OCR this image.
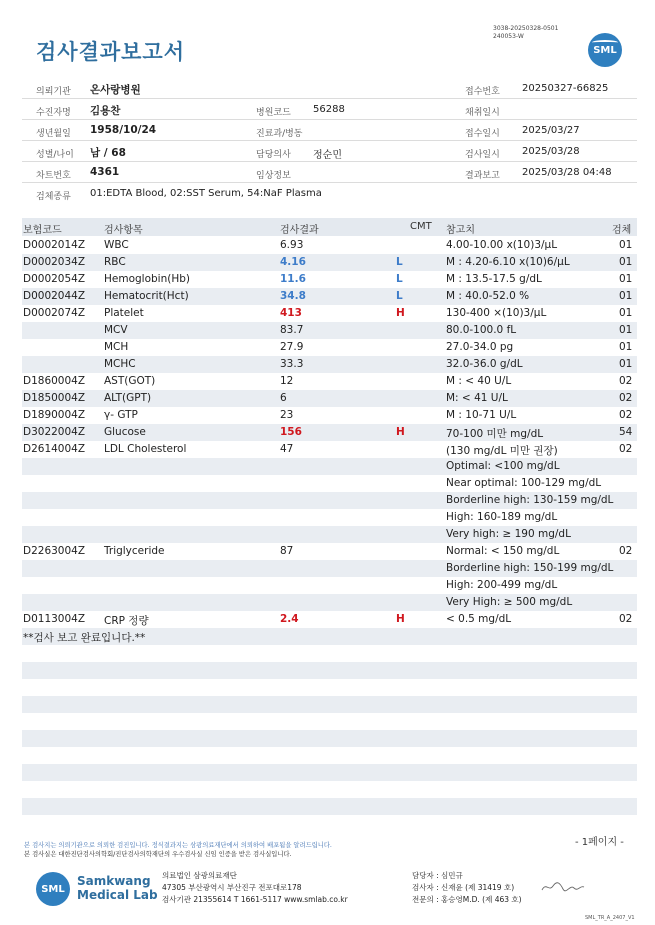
검사결과보고서
3038-20250328-0501
240053-W
SML
의뢰기관 온사랑병원	접수번호 20250327-66825
수진자명 김용찬	병원코드 56288	채취일시
생년월일 1958/10/24	진료과/병동	접수일시 2025/03/27
성별/나이 남 / 68	담당의사 정순민	검사일시 2025/03/28
차트번호 4361	임상정보	결과보고 2025/03/28 04:48
검체종류 01:EDTA Blood, 02:SST Serum, 54:NaF Plasma
보험코드	검사항목	검사결과	CMT 참고치	검체
D0002014Z WBC	6.93	4.00-10.00 x(10)3/μL	01
D0002034Z RBC	4.16	L	M : 4.20-6.10 x(10)6/μL	01
D0002054Z Hemoglobin(Hb)	11.6	L	M : 13.5-17.5 g/dL	01
D0002044Z Hematocrit(Hct)	34.8	L	M : 40.0-52.0 %	01
D0002074Z Platelet	413	H	130-400 ×(10)3/μL	01
MCV	83.7	80.0-100.0 fL	01
MCH	27.9	27.0-34.0 pg	01
MCHC	33.3	32.0-36.0 g/dL	01
D1860004Z AST(GOT)	12	M : < 40 U/L	02
D1850004Z ALT(GPT)	6	M: < 41 U/L	02
D1890004Z γ- GTP	23	M : 10-71 U/L	02
D3022004Z Glucose	156	H	70-100 미만 mg/dL	54
D2614004Z LDL Cholesterol	47	(130 mg/dL 미만 권장)	02
Optimal: <100 mg/dL
Near optimal: 100-129 mg/dL
Borderline high: 130-159 mg/dL
High: 160-189 mg/dL
Very high: ≥ 190 mg/dL
D2263004Z Triglyceride	87	Normal: < 150 mg/dL	02
Borderline high: 150-199 mg/dL
High: 200-499 mg/dL
Very High: ≥ 500 mg/dL
D0113004Z CRP 정량	2.4	H	< 0.5 mg/dL	02
**검사 보고 완료입니다.**
- 1페이지 -
본 검사지는 의뢰기관으로 의뢰한 검진입니다. 정식결과지는 삼광의료재단에서 의뢰하여 배포됨을 알려드립니다.
본 검사실은 대한진단검사의학회/진단검사의학재단의 우수검사실 신임 인증을 받은 검사실입니다.
SML
Samkwang
Medical Lab
의료법인 삼광의료재단
47305 부산광역시 부산진구 전포대로178
검사기관 21355614 T 1661-5117 www.smlab.co.kr
담당자 : 심민규
검사자 : 신재윤 (제 31419 호)
전문의 : 홍승영M.D. (제 463 호)
SML_TR_A_2407_V1
